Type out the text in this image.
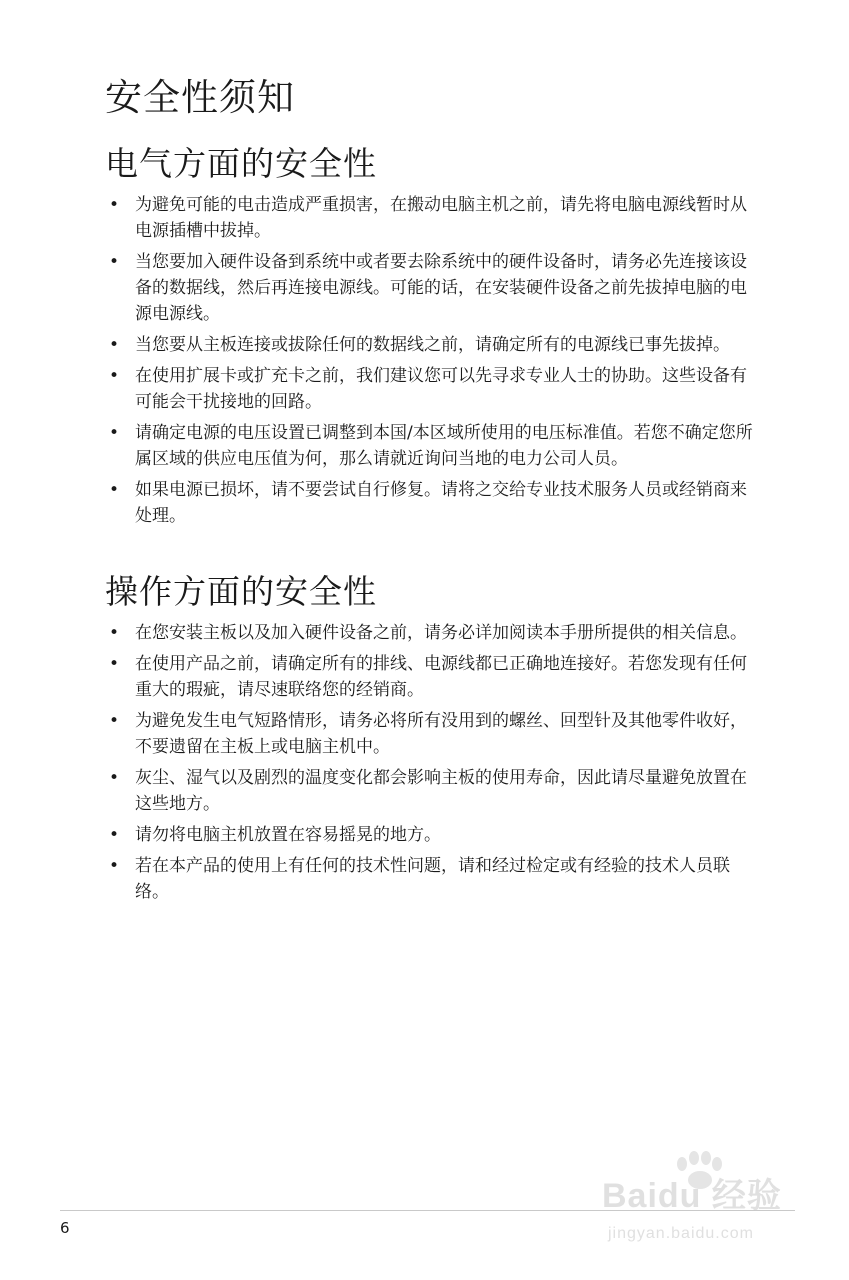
安全性须知
电气方面的安全性
• 为避免可能的电击造成严重损害，在搬动电脑主机之前，请先将电脑电源线暂时从电源插槽中拔掉。
• 当您要加入硬件设备到系统中或者要去除系统中的硬件设备时，请务必先连接该设备的数据线，然后再连接电源线。可能的话，在安装硬件设备之前先拔掉电脑的电源电源线。
• 当您要从主板连接或拔除任何的数据线之前，请确定所有的电源线已事先拔掉。
• 在使用扩展卡或扩充卡之前，我们建议您可以先寻求专业人士的协助。这些设备有可能会干扰接地的回路。
• 请确定电源的电压设置已调整到本国/本区域所使用的电压标准值。若您不确定您所属区域的供应电压值为何，那么请就近询问当地的电力公司人员。
• 如果电源已损坏，请不要尝试自行修复。请将之交给专业技术服务人员或经销商来处理。
操作方面的安全性
• 在您安装主板以及加入硬件设备之前，请务必详加阅读本手册所提供的相关信息。
• 在使用产品之前，请确定所有的排线、电源线都已正确地连接好。若您发现有任何重大的瑕疵，请尽速联络您的经销商。
• 为避免发生电气短路情形，请务必将所有没用到的螺丝、回型针及其他零件收好，不要遗留在主板上或电脑主机中。
• 灰尘、湿气以及剧烈的温度变化都会影响主板的使用寿命，因此请尽量避免放置在这些地方。
• 请勿将电脑主机放置在容易摇晃的地方。
• 若在本产品的使用上有任何的技术性问题，请和经过检定或有经验的技术人员联络。
6
Baidu 经验
jingyan.baidu.com
